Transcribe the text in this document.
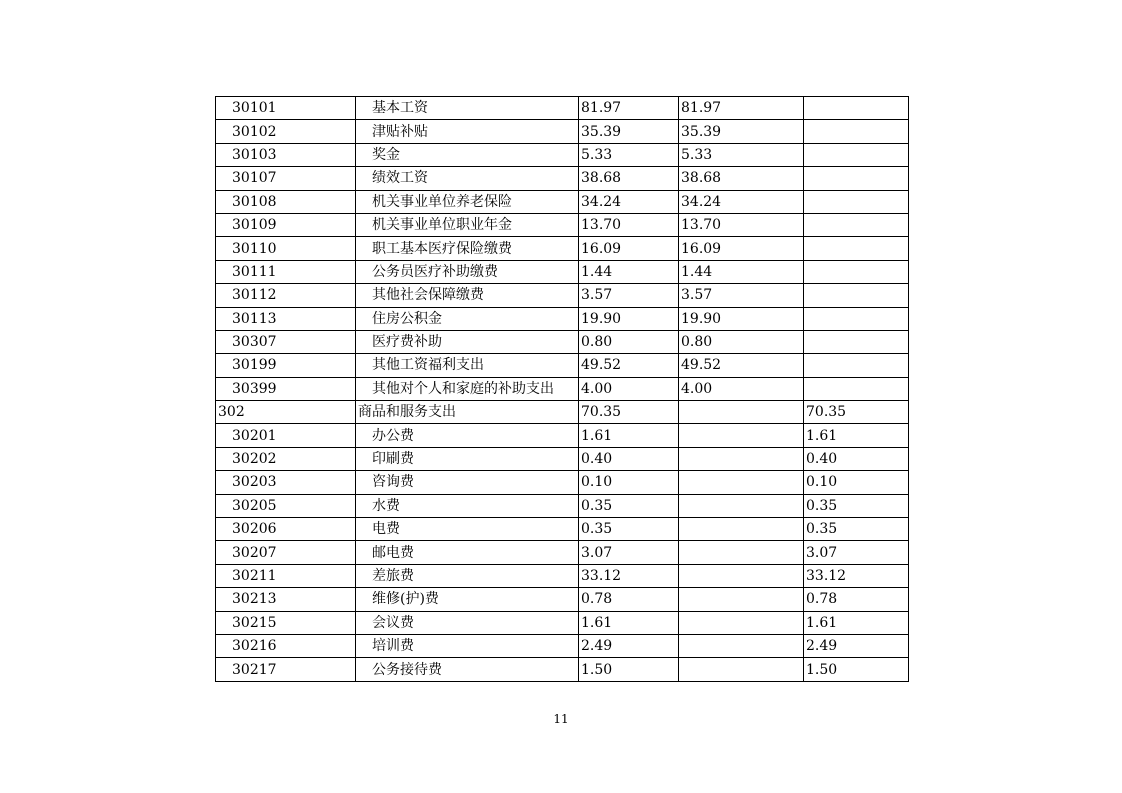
30101	基本工资	81.97	81.97	
30102	津贴补贴	35.39	35.39	
30103	奖金	5.33	5.33	
30107	绩效工资	38.68	38.68	
30108	机关事业单位养老保险	34.24	34.24	
30109	机关事业单位职业年金	13.70	13.70	
30110	职工基本医疗保险缴费	16.09	16.09	
30111	公务员医疗补助缴费	1.44	1.44	
30112	其他社会保障缴费	3.57	3.57	
30113	住房公积金	19.90	19.90	
30307	医疗费补助	0.80	0.80	
30199	其他工资福利支出	49.52	49.52	
30399	其他对个人和家庭的补助支出	4.00	4.00	
302	商品和服务支出	70.35		70.35
30201	办公费	1.61		1.61
30202	印刷费	0.40		0.40
30203	咨询费	0.10		0.10
30205	水费	0.35		0.35
30206	电费	0.35		0.35
30207	邮电费	3.07		3.07
30211	差旅费	33.12		33.12
30213	维修(护)费	0.78		0.78
30215	会议费	1.61		1.61
30216	培训费	2.49		2.49
30217	公务接待费	1.50		1.50
11
